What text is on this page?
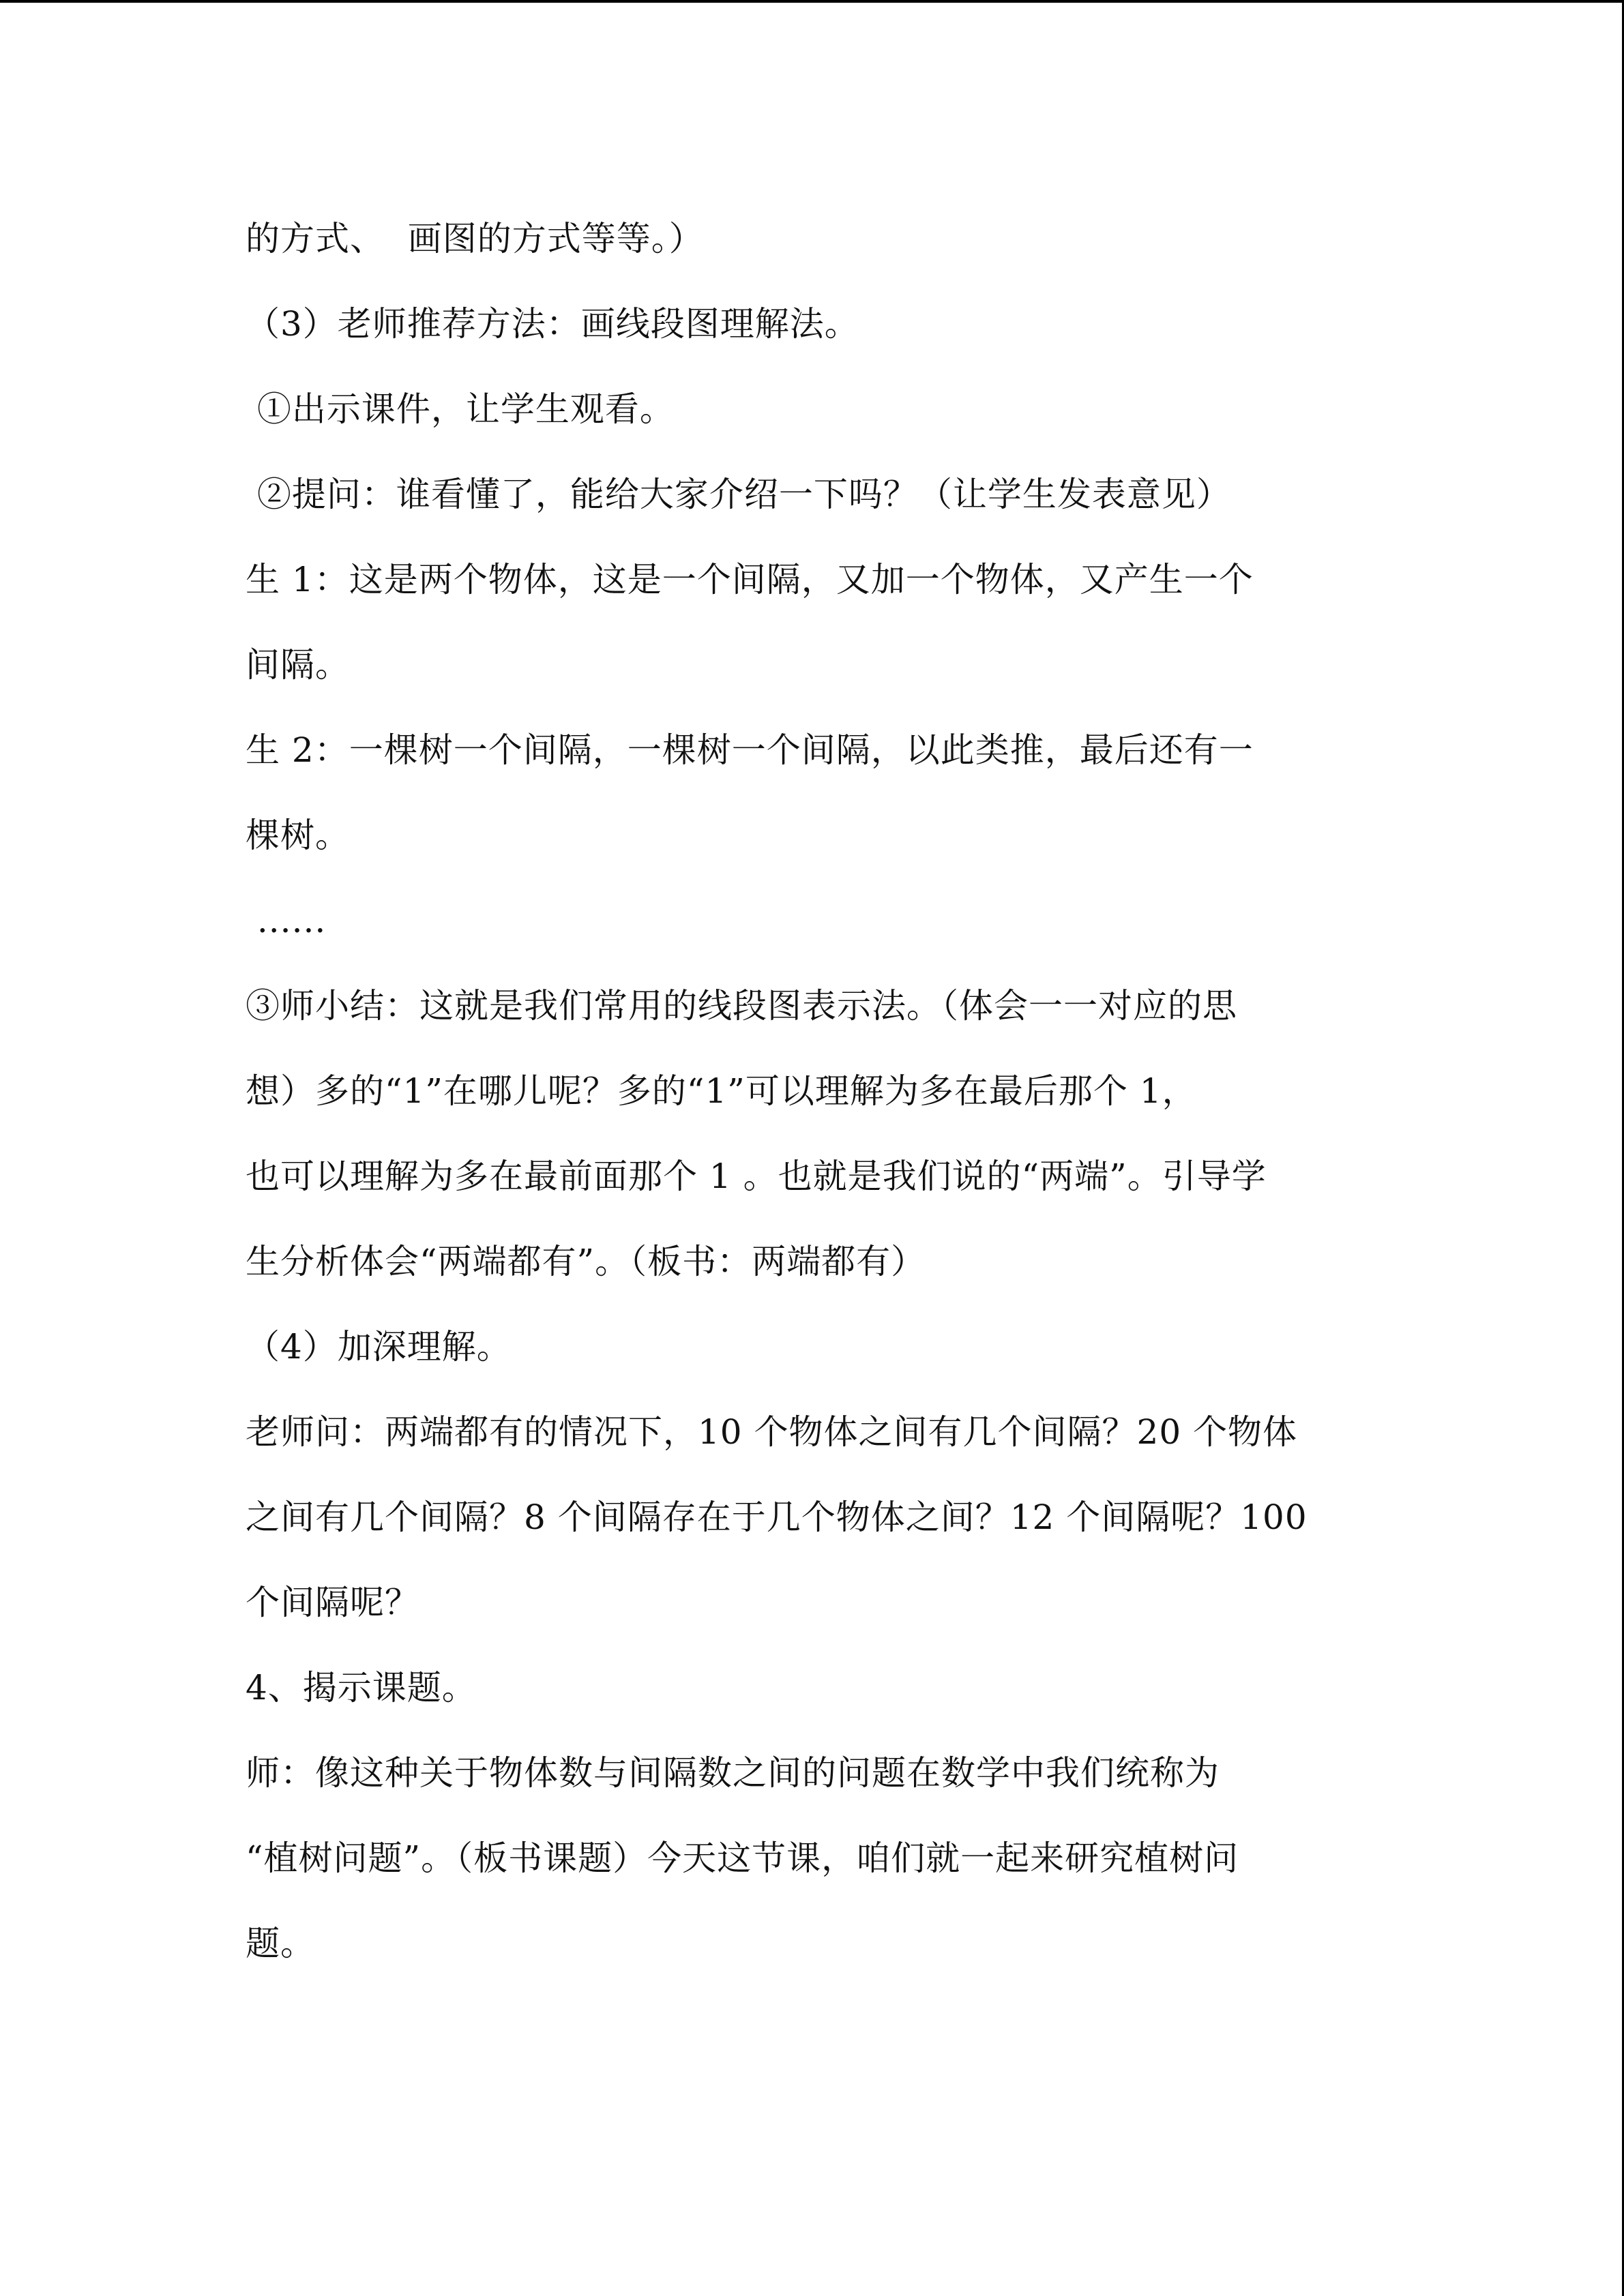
的方式、  画图的方式等等。）
（3）老师推荐方法：画线段图理解法。
①出示课件，让学生观看。
②提问：谁看懂了，能给大家介绍一下吗？（让学生发表意见）
生 1：这是两个物体，这是一个间隔，又加一个物体，又产生一个
间隔。
生 2：一棵树一个间隔，一棵树一个间隔，以此类推，最后还有一
棵树。
......
③师小结：这就是我们常用的线段图表示法。（体会一一对应的思
想）多的“1”在哪儿呢？多的“1”可以理解为多在最后那个 1，
也可以理解为多在最前面那个 1 。也就是我们说的“两端”。引导学
生分析体会“两端都有”。（板书：两端都有）
（4）加深理解。
老师问：两端都有的情况下，10 个物体之间有几个间隔？20 个物体
之间有几个间隔？8 个间隔存在于几个物体之间？12 个间隔呢？100
个间隔呢？
4、揭示课题。
师：像这种关于物体数与间隔数之间的问题在数学中我们统称为
“植树问题”。（板书课题）今天这节课，咱们就一起来研究植树问
题。
